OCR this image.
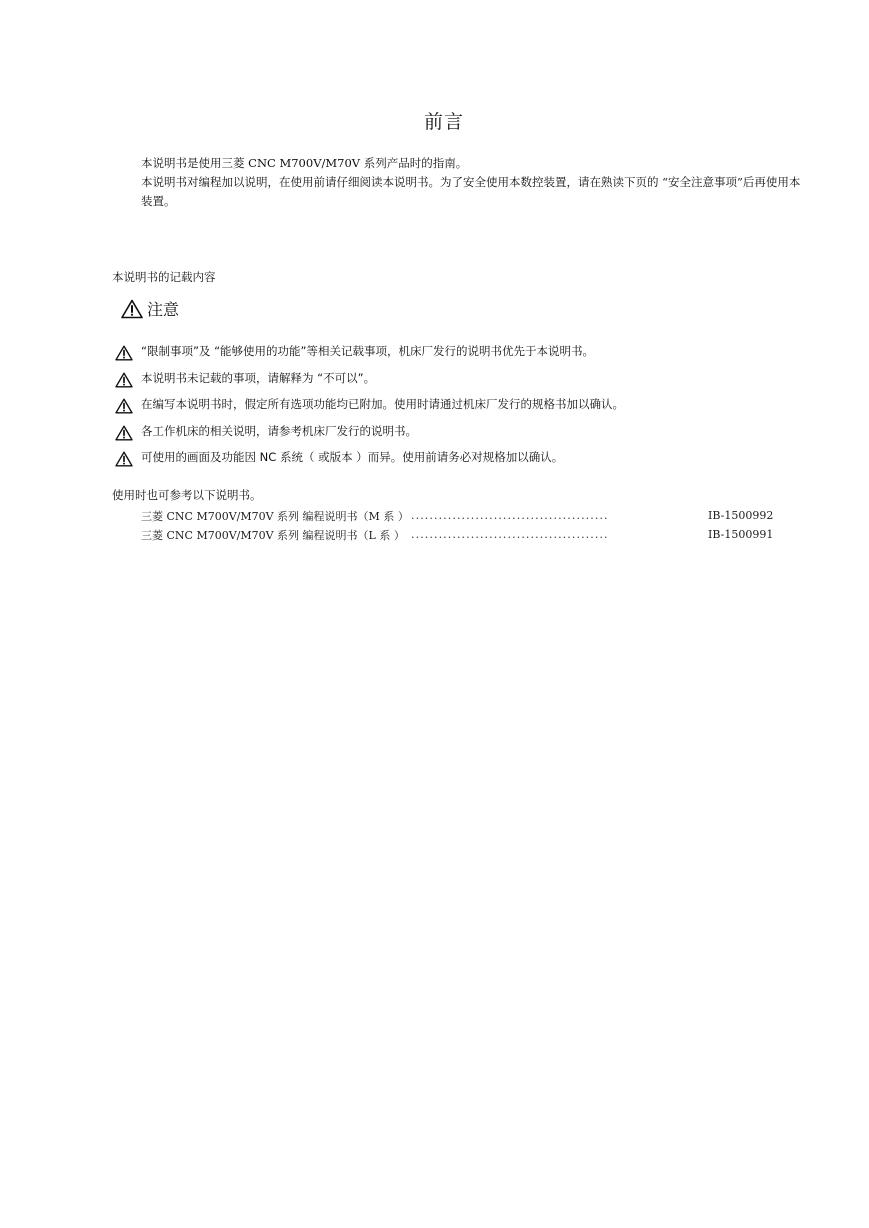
前言

本说明书是使用三菱 CNC M700V/M70V 系列产品时的指南。

本说明书对编程加以说明，在使用前请仔细阅读本说明书。为了安全使用本数控装置，请在熟读下页的 “安全注意事项”后再使用本装置。

本说明书的记载内容
注意
“限制事项”及 “能够使用的功能”等相关记载事项，机床厂发行的说明书优先于本说明书。
本说明书未记载的事项，请解释为 “不可以”。
在编写本说明书时，假定所有选项功能均已附加。使用时请通过机床厂发行的规格书加以确认。
各工作机床的相关说明，请参考机床厂发行的说明书。
可使用的画面及功能因 NC 系统（ 或版本 ）而异。使用前请务必对规格加以确认。
使用时也可参考以下说明书。
三菱 CNC M700V/M70V 系列 编程说明书（M 系 ） ...........................................	IB-1500992
三菱 CNC M700V/M70V 系列 编程说明书（L 系 ） ...........................................	IB-1500991
